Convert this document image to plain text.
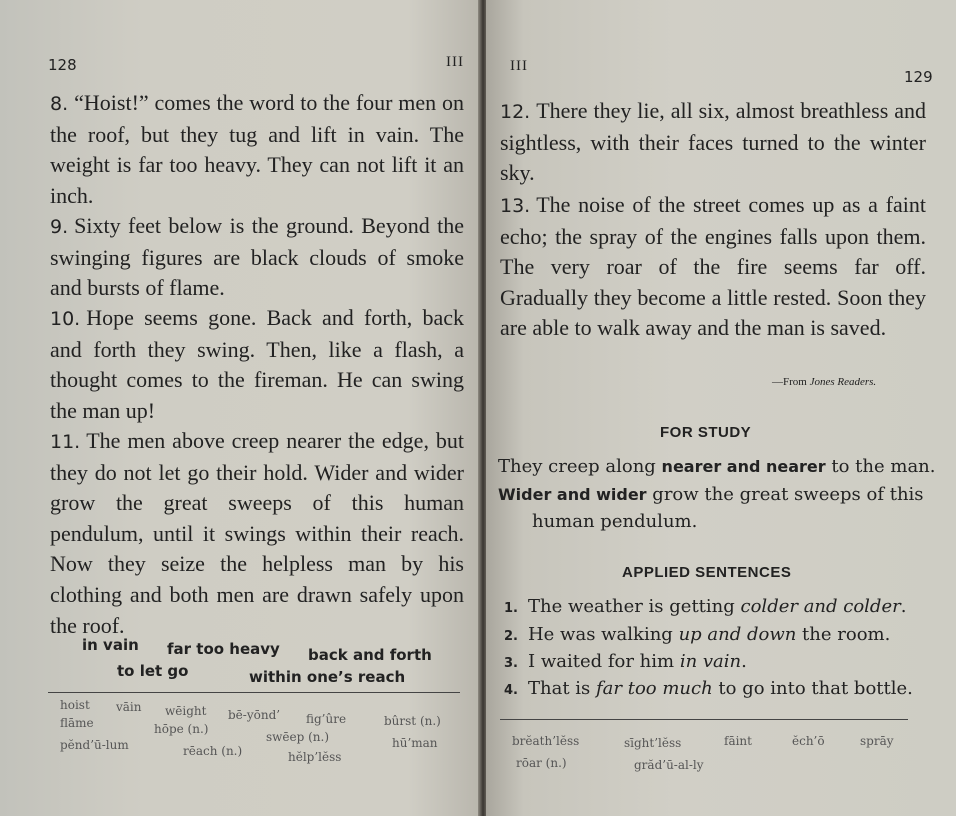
128	III

8. “Hoist!” comes the word to the four men on the roof, but they tug and lift in vain. The weight is far too heavy. They can not lift it an inch.

9. Sixty feet below is the ground. Beyond the swinging figures are black clouds of smoke and bursts of flame.

10. Hope seems gone. Back and forth, back and forth they swing. Then, like a flash, a thought comes to the fireman. He can swing the man up!

11. The men above creep nearer the edge, but they do not let go their hold. Wider and wider grow the great sweeps of this human pendulum, until it swings within their reach. Now they seize the helpless man by his clothing and both men are drawn safely upon the roof.

in vain far too heavy back and forth
to let go	within one’s reach
hoist vāin wēight bē-yōnd’ fig’ûre	bûrst (n.)
flāme	hōpe (n.)
swēep (n.)	hū’man
pĕnd’ū-lum	rēach (n.)	hĕlp’lĕss
III
129

12. There they lie, all six, almost breathless and sightless, with their faces turned to the winter sky.

13. The noise of the street comes up as a faint echo; the spray of the engines falls upon them. The very roar of the fire seems far off. Gradually they become a little rested. Soon they are able to walk away and the man is saved.

—From Jones Readers.
FOR STUDY
They creep along nearer and nearer to the man.
Wider and wider grow the great sweeps of this
human pendulum.
APPLIED SENTENCES
1. The weather is getting colder and colder.
2. He was walking up and down the room.
3. I waited for him in vain.
4. That is far too much to go into that bottle.
brĕath’lĕss	sīght’lĕss	fāint	ĕch’ō	sprāy
rōar (n.)	grăd’ū-al-ly
